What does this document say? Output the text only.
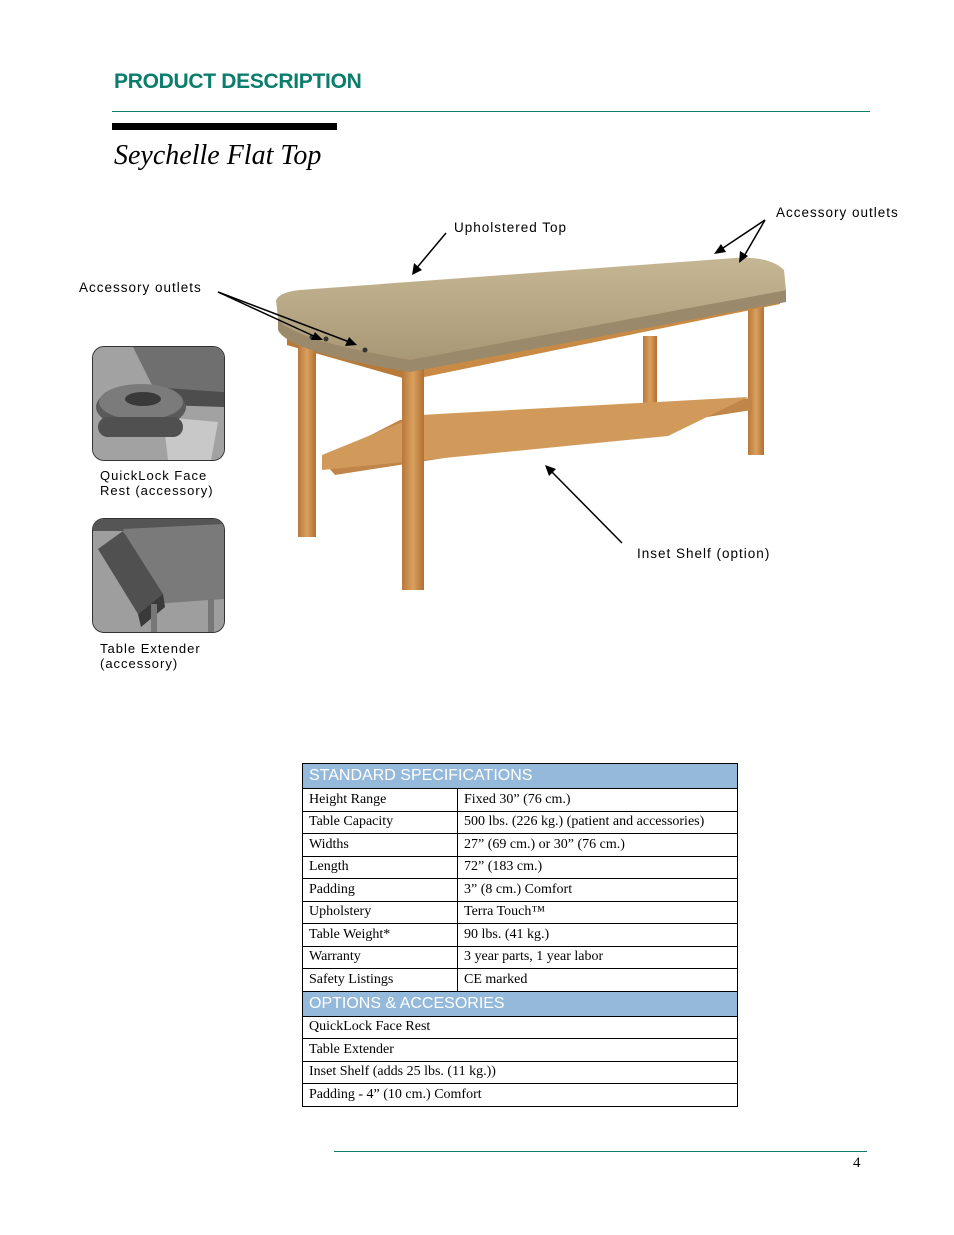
PRODUCT DESCRIPTION
Seychelle Flat Top
Upholstered Top
Accessory outlets
Accessory outlets
Inset Shelf (option)
QuickLock Face
Rest (accessory)
Table Extender
(accessory)
STANDARD SPECIFICATIONS	
Height Range	Fixed 30” (76 cm.)
Table Capacity	500 lbs. (226 kg.) (patient and accessories)
Widths	27” (69 cm.) or 30” (76 cm.)
Length	72” (183 cm.)
Padding	3” (8 cm.) Comfort
Upholstery	Terra Touch™
Table Weight*	90 lbs. (41 kg.)
Warranty	3 year parts, 1 year labor
Safety Listings	CE marked
OPTIONS & ACCESORIES	
QuickLock Face Rest	
Table Extender	
Inset Shelf (adds 25 lbs. (11 kg.))	
Padding - 4” (10 cm.) Comfort	
4
